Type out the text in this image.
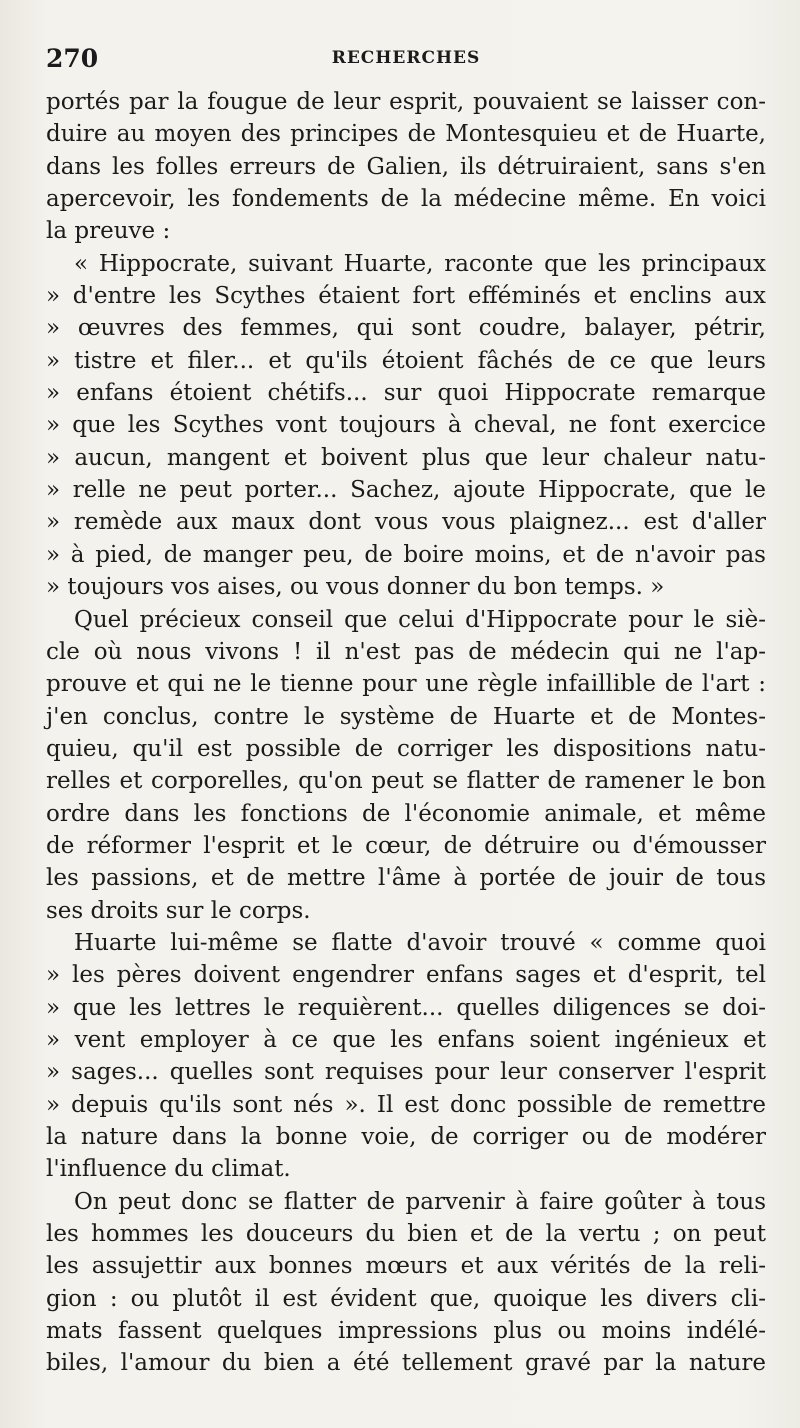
270	RECHERCHES
portés par la fougue de leur esprit, pouvaient se laisser con-
duire au moyen des principes de Montesquieu et de Huarte,
dans les folles erreurs de Galien, ils détruiraient, sans s'en
apercevoir, les fondements de la médecine même. En voici
la preuve :
« Hippocrate, suivant Huarte, raconte que les principaux
» d'entre les Scythes étaient fort efféminés et enclins aux
» œuvres des femmes, qui sont coudre, balayer, pétrir,
» tistre et filer... et qu'ils étoient fâchés de ce que leurs
» enfans étoient chétifs... sur quoi Hippocrate remarque
» que les Scythes vont toujours à cheval, ne font exercice
» aucun, mangent et boivent plus que leur chaleur natu-
» relle ne peut porter... Sachez, ajoute Hippocrate, que le
» remède aux maux dont vous vous plaignez... est d'aller
» à pied, de manger peu, de boire moins, et de n'avoir pas
» toujours vos aises, ou vous donner du bon temps. »
Quel précieux conseil que celui d'Hippocrate pour le siè-
cle où nous vivons ! il n'est pas de médecin qui ne l'ap-
prouve et qui ne le tienne pour une règle infaillible de l'art :
j'en conclus, contre le système de Huarte et de Montes-
quieu, qu'il est possible de corriger les dispositions natu-
relles et corporelles, qu'on peut se flatter de ramener le bon
ordre dans les fonctions de l'économie animale, et même
de réformer l'esprit et le cœur, de détruire ou d'émousser
les passions, et de mettre l'âme à portée de jouir de tous
ses droits sur le corps.
Huarte lui-même se flatte d'avoir trouvé « comme quoi
» les pères doivent engendrer enfans sages et d'esprit, tel
» que les lettres le requièrent... quelles diligences se doi-
» vent employer à ce que les enfans soient ingénieux et
» sages... quelles sont requises pour leur conserver l'esprit
» depuis qu'ils sont nés ». Il est donc possible de remettre
la nature dans la bonne voie, de corriger ou de modérer
l'influence du climat.
On peut donc se flatter de parvenir à faire goûter à tous
les hommes les douceurs du bien et de la vertu ; on peut
les assujettir aux bonnes mœurs et aux vérités de la reli-
gion : ou plutôt il est évident que, quoique les divers cli-
mats fassent quelques impressions plus ou moins indélé-
biles, l'amour du bien a été tellement gravé par la nature
